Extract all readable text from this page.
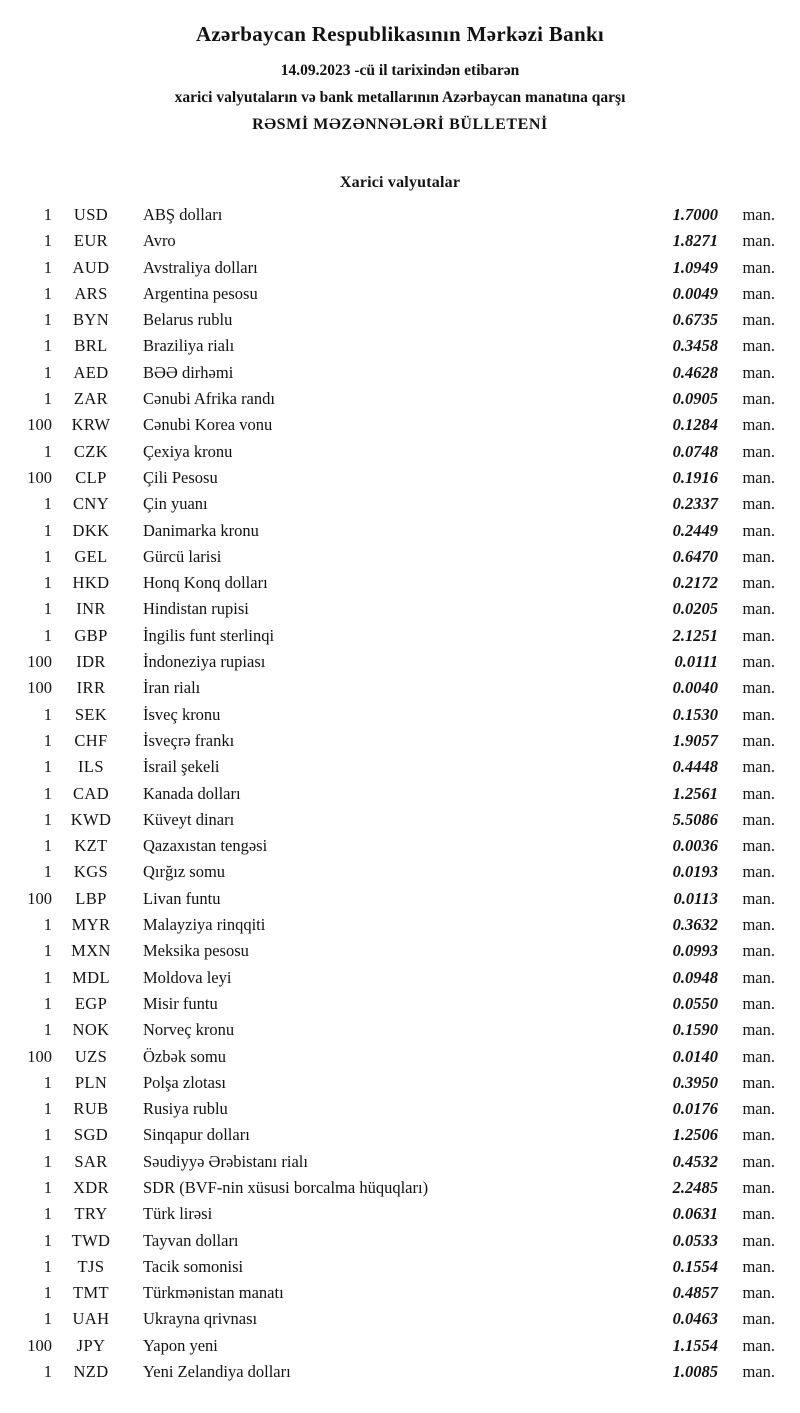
Azərbaycan Respublikasının Mərkəzi Bankı
14.09.2023 -cü il tarixindən etibarən
xarici valyutaların və bank metallarının Azərbaycan manatına qarşı
RƏSMİ MƏZƏNNƏLƏRİ BÜLLETENİ
Xarici valyutalar
1	USD	ABŞ dolları	1.7000	man.
1	EUR	Avro	1.8271	man.
1	AUD	Avstraliya dolları	1.0949	man.
1	ARS	Argentina pesosu	0.0049	man.
1	BYN	Belarus rublu	0.6735	man.
1	BRL	Braziliya rialı	0.3458	man.
1	AED	BƏƏ dirhəmi	0.4628	man.
1	ZAR	Cənubi Afrika randı	0.0905	man.
100	KRW	Cənubi Korea vonu	0.1284	man.
1	CZK	Çexiya kronu	0.0748	man.
100	CLP	Çili Pesosu	0.1916	man.
1	CNY	Çin yuanı	0.2337	man.
1	DKK	Danimarka kronu	0.2449	man.
1	GEL	Gürcü larisi	0.6470	man.
1	HKD	Honq Konq dolları	0.2172	man.
1	INR	Hindistan rupisi	0.0205	man.
1	GBP	İngilis funt sterlinqi	2.1251	man.
100	IDR	İndoneziya rupiası	0.0111	man.
100	IRR	İran rialı	0.0040	man.
1	SEK	İsveç kronu	0.1530	man.
1	CHF	İsveçrə frankı	1.9057	man.
1	ILS	İsrail şekeli	0.4448	man.
1	CAD	Kanada dolları	1.2561	man.
1	KWD	Küveyt dinarı	5.5086	man.
1	KZT	Qazaxıstan tengəsi	0.0036	man.
1	KGS	Qırğız somu	0.0193	man.
100	LBP	Livan funtu	0.0113	man.
1	MYR	Malayziya rinqqiti	0.3632	man.
1	MXN	Meksika pesosu	0.0993	man.
1	MDL	Moldova leyi	0.0948	man.
1	EGP	Misir funtu	0.0550	man.
1	NOK	Norveç kronu	0.1590	man.
100	UZS	Özbək somu	0.0140	man.
1	PLN	Polşa zlotası	0.3950	man.
1	RUB	Rusiya rublu	0.0176	man.
1	SGD	Sinqapur dolları	1.2506	man.
1	SAR	Səudiyyə Ərəbistanı rialı	0.4532	man.
1	XDR	SDR (BVF-nin xüsusi borcalma hüquqları)	2.2485	man.
1	TRY	Türk lirəsi	0.0631	man.
1	TWD	Tayvan dolları	0.0533	man.
1	TJS	Tacik somonisi	0.1554	man.
1	TMT	Türkmənistan manatı	0.4857	man.
1	UAH	Ukrayna qrivnası	0.0463	man.
100	JPY	Yapon yeni	1.1554	man.
1	NZD	Yeni Zelandiya dolları	1.0085	man.
